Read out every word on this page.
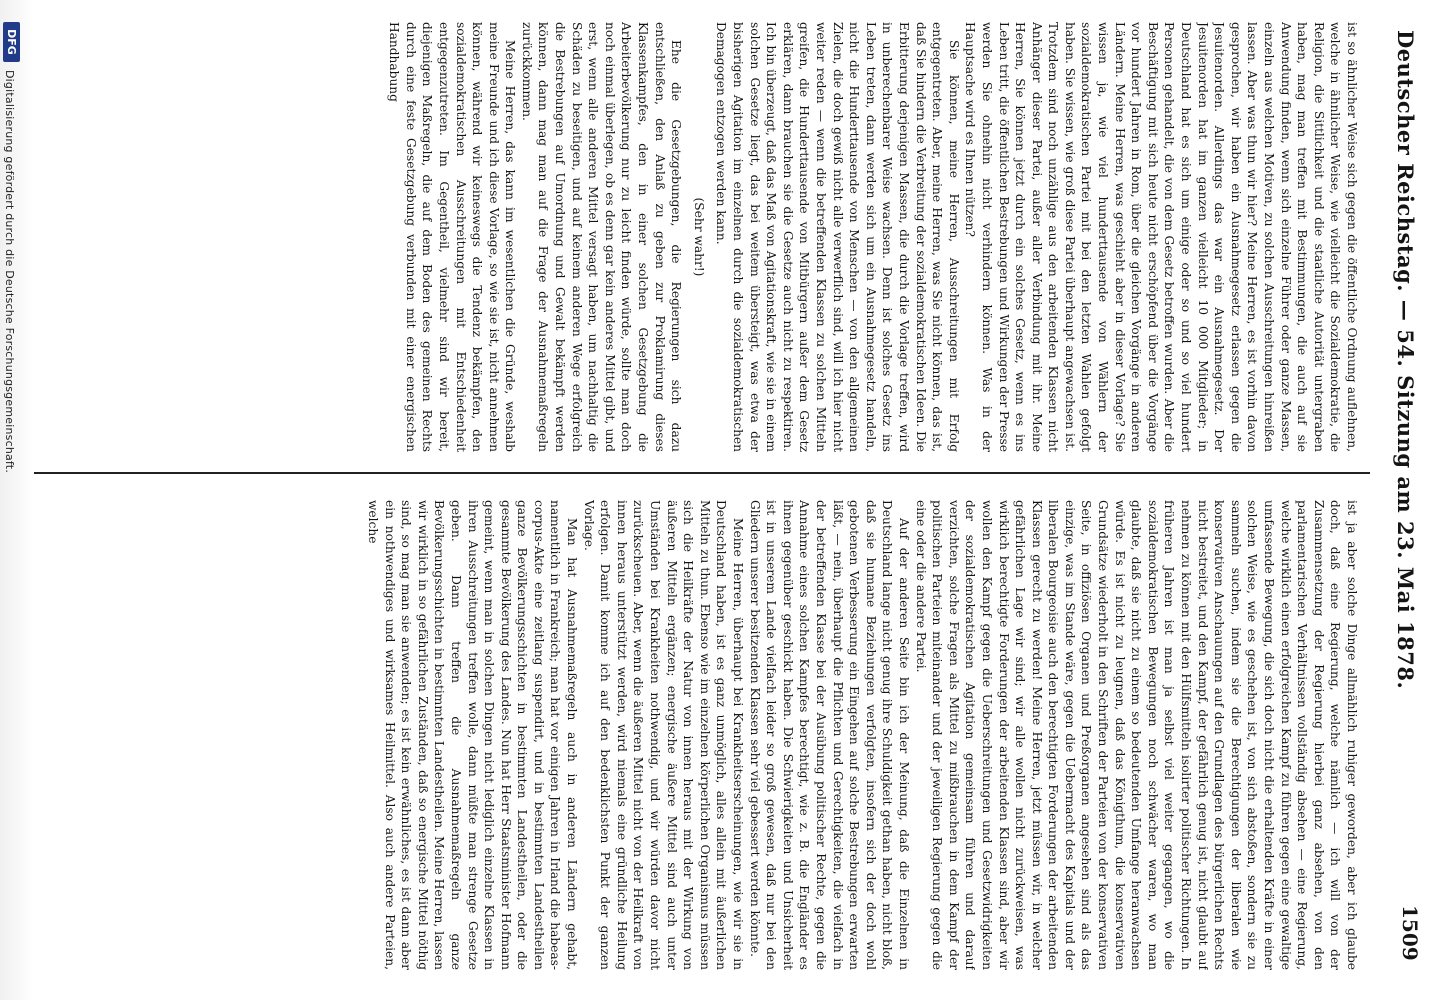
Deutscher Reichstag. — 54. Sitzung am 23. Mai 1878.
1509

ist so ähnlicher Weise sich gegen die öffentliche Ordnung auflehnen, welche in ähnlicher Weise, wie vielleicht die Sozialdemokratie, die Religion, die Sittlichkeit und die staatliche Autorität untergraben haben, mag man treffen mit Bestimmungen, die auch auf sie Anwendung finden, wenn sich einzelne Führer oder ganze Massen, einzeln aus welchen Motiven, zu solchen Ausschreitungen hinreißen lassen. Aber was thun wir hier? Meine Herren, es ist vorhin davon gesprochen, wir haben ein Ausnahmegesetz erlassen gegen die Jesuitenorden. Allerdings das war ein Ausnahmegesetz. Der Jesuitenorden hat im ganzen vielleicht 10 000 Mitglieder; in Deutschland hat es sich um einige oder so und so viel hundert Personen gehandelt, die von dem Gesetz betroffen wurden. Aber die Beschäftigung mit sich heute nicht erschöpfend über die Vorgänge vor hundert Jahren in Rom, über die gleichen Vorgänge in anderen Ländern. Meine Herren, was geschieht aber in dieser Vorlage? Sie wissen ja, wie viel hunderttausende von Wählern der sozialdemokratischen Partei mit bei den letzten Wahlen gefolgt haben. Sie wissen, wie groß diese Partei überhaupt angewachsen ist. Trotzdem sind noch unzählige aus den arbeitenden Klassen nicht Anhänger dieser Partei, außer aller Verbindung mit ihr. Meine Herren, Sie können jetzt durch ein solches Gesetz, wenn es ins Leben tritt, die öffentlichen Bestrebungen und Wirkungen der Presse werden Sie ohnehin nicht verhindern können. Was in der Hauptsache wird es Ihnen nützen?

Sie können, meine Herren, Ausschreitungen mit Erfolg entgegentreten. Aber, meine Herren, was Sie nicht können, das ist, daß Sie hindern die Verbreitung der sozialdemokratischen Ideen. Die Erbitterung derjenigen Massen, die durch die Vorlage treffen, wird in unberechenbarer Weise wachsen. Denn ist solches Gesetz ins Leben treten, dann werden sich um ein Ausnahmegesetz handeln, nicht die Hunderttausende von Menschen — von den allgemeinen Zielen, die doch gewiß nicht alle verwerflich sind, will ich hier nicht weiter reden — wenn die betreffenden Klassen zu solchen Mitteln greifen, die Hunderttausende von Mitbürgern außer dem Gesetz erklären, dann brauchen sie die Gesetze auch nicht zu respektiren. Ich bin überzeugt, daß das Maß von Agitationskraft, wie sie in einem solchen Gesetze liegt, das bei weitem übersteigt, was etwa der bisherigen Agitation im einzelnen durch die sozialdemokratischen Demagogen entzogen werden kann.

(Sehr wahr!)

Ehe die Gesetzgebungen, die Regierungen sich dazu entschließen, den Anlaß zu geben zur Proklamirung dieses Klassenkampfes, den in einer solchen Gesetzgebung die Arbeiterbevölkerung nur zu leicht finden würde, sollte man doch noch einmal überlegen, ob es denn gar kein anderes Mittel gibt, und erst, wenn alle anderen Mittel versagt haben, um nachhaltig die Schäden zu beseitigen, und auf keinem anderen Wege erfolgreich die Bestrebungen auf Umordnung und Gewalt bekämpft werden können, dann mag man auf die Frage der Ausnahmemaßregeln zurückkommen.

Meine Herren, das kann im wesentlichen die Gründe, weshalb meine Freunde und ich diese Vorlage, so wie sie ist, nicht annehmen können, während wir keineswegs die Tendenz bekämpfen, den sozialdemokratischen Ausschreitungen mit Entschiedenheit entgegenzutreten. Im Gegentheil, vielmehr sind wir bereit, diejenigen Maßregeln, die auf dem Boden des gemeinen Rechts durch eine feste Gesetzgebung verbunden mit einer energischen Handhabung

ist ja aber solche Dinge allmählich ruhiger geworden, aber ich glaube doch, daß eine Regierung, welche nämlich — ich will von der Zusammensetzung der Regierung hierbei ganz absehen, von den parlamentarischen Verhältnissen vollständig absehen — eine Regierung, welche wirklich einen erfolgreichen Kampf zu führen gegen eine gewaltige umfassende Bewegung, die sich doch nicht die erhaltenden Kräfte in einer solchen Weise, wie es geschehen ist, von sich abstoßen, sondern sie zu sammeln suchen, indem sie die Berechtigungen der liberalen wie konservativen Anschauungen auf den Grundlagen des bürgerlichen Rechts nicht bestreitet, und den Kampf, der gefährlich genug ist, nicht glaubt auf nehmen zu können mit den Hülfsmitteln isolirter politischer Richtungen. In früheren Jahren ist man ja selbst viel weiter gegangen, wo die sozialdemokratischen Bewegungen noch schwächer waren, wo man glaubte, daß sie nicht zu einem so bedeutenden Umfange heranwachsen würde. Es ist nicht zu leugnen, daß das Königthum, die konservativen Grundsätze wiederholt in den Schriften der Parteien von der konservativen Seite, in offiziösen Organen und Preßorganen angesehen sind als das einzige, was im Stande wäre, gegen die Uebermacht des Kapitals und der liberalen Bourgeoisie auch den berechtigten Forderungen der arbeitenden Klassen gerecht zu werden! Meine Herren, jetzt müssen wir, in welcher gefährlichen Lage wir sind; wir alle wollen nicht zurückweisen, was wirklich berechtigte Forderungen der arbeitenden Klassen sind, aber wir wollen den Kampf gegen die Ueberschreitungen und Gesetzwidrigkeiten der sozialdemokratischen Agitation gemeinsam führen und darauf verzichten, solche Fragen als Mittel zu mißbrauchen in dem Kampf der politischen Parteien miteinander und der jeweiligen Regierung gegen die eine oder die andere Partei.

Auf der anderen Seite bin ich der Meinung, daß die Einzelnen in Deutschland lange nicht genug ihre Schuldigkeit gethan haben, nicht bloß, daß sie humane Beziehungen verfolgten, insofern sich der doch wohl gebotenen Verbesserung ein Eingehen auf solche Bestrebungen erwarten läßt, — nein, überhaupt die Pflichten und Gerechtigkeiten, die vielfach in der betreffenden Klasse bei der Ausübung politischer Rechte, gegen die Annahme eines solchen Kampfes berechtigt, wie z. B. die Engländer es ihnen gegenüber geschickt haben. Die Schwierigkeiten und Unsicherheit ist in unserem Lande vielfach leider so groß gewesen, daß nur bei den Gliedern unserer besitzenden Klassen sehr viel gebessert werden könnte.

Meine Herren, überhaupt bei Krankheitserscheinungen, wie wir sie in Deutschland haben, ist es ganz unmöglich, alles allein mit äußerlichen Mitteln zu thun. Ebenso wie im einzelnen körperlichen Organismus müssen sich die Heilkräfte der Natur von innen heraus mit der Wirkung von äußeren Mitteln ergänzen; energische äußere Mittel sind auch unter Umständen bei Krankheiten nothwendig, und wir würden davor nicht zurückscheuen. Aber, wenn die äußeren Mittel nicht von der Heilkraft von innen heraus unterstützt werden, wird niemals eine gründliche Heilung erfolgen. Damit komme ich auf den bedenklichsten Punkt der ganzen Vorlage.

Man hat Ausnahmemaßregeln auch in anderen Ländern gehabt, namentlich in Frankreich; man hat vor einigen Jahren in Irland die habeas-corpus-Akte eine zeitlang suspendirt, und in bestimmten Landestheilen ganze Bevölkerungsschichten in bestimmten Landestheilen, oder die gesammte Bevölkerung des Landes. Nun hat Herr Staatsminister Hofmann gemeint, wenn man in solchen Dingen nicht lediglich einzelne Klassen in ihren Ausschreitungen treffen wolle, dann müßte man strenge Gesetze geben. Dann treffen die Ausnahmemaßregeln ganze Bevölkerungsschichten in bestimmten Landestheilen. Meine Herren, lassen wir wirklich in so gefährlichen Zuständen, daß so energische Mittel nöthig sind, so mag man sie anwenden; es ist kein erwähnliches, es ist dann aber ein nothwendiges und wirksames Heilmittel. Also auch andere Parteien, welche

DFG
Digitalisierung gefördert durch die Deutsche Forschungsgemeinschaft.
